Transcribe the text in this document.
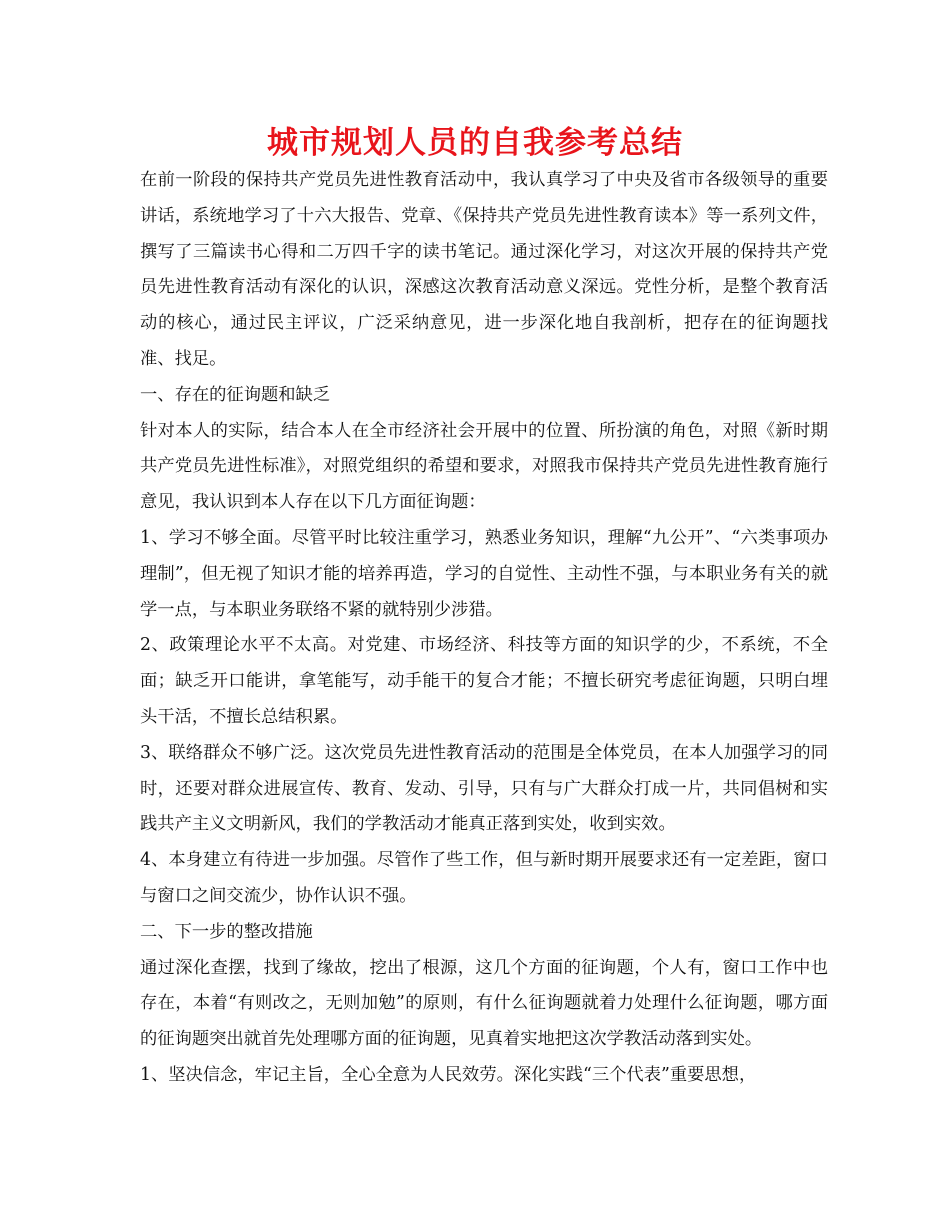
城市规划人员的自我参考总结

在前一阶段的保持共产党员先进性教育活动中，我认真学习了中央及省市各级领导的重要讲话，系统地学习了十六大报告、党章、《保持共产党员先进性教育读本》等一系列文件，撰写了三篇读书心得和二万四千字的读书笔记。通过深化学习，对这次开展的保持共产党员先进性教育活动有深化的认识，深感这次教育活动意义深远。党性分析，是整个教育活动的核心，通过民主评议，广泛采纳意见，进一步深化地自我剖析，把存在的征询题找准、找足。

一、存在的征询题和缺乏

针对本人的实际，结合本人在全市经济社会开展中的位置、所扮演的角色，对照《新时期共产党员先进性标准》，对照党组织的希望和要求，对照我市保持共产党员先进性教育施行意见，我认识到本人存在以下几方面征询题：

1、学习不够全面。尽管平时比较注重学习，熟悉业务知识，理解“九公开”、“六类事项办理制”，但无视了知识才能的培养再造，学习的自觉性、主动性不强，与本职业务有关的就学一点，与本职业务联络不紧的就特别少涉猎。

2、政策理论水平不太高。对党建、市场经济、科技等方面的知识学的少，不系统，不全面；缺乏开口能讲，拿笔能写，动手能干的复合才能；不擅长研究考虑征询题，只明白埋头干活，不擅长总结积累。

3、联络群众不够广泛。这次党员先进性教育活动的范围是全体党员，在本人加强学习的同时，还要对群众进展宣传、教育、发动、引导，只有与广大群众打成一片，共同倡树和实践共产主义文明新风，我们的学教活动才能真正落到实处，收到实效。

4、本身建立有待进一步加强。尽管作了些工作，但与新时期开展要求还有一定差距，窗口与窗口之间交流少，协作认识不强。

二、下一步的整改措施

通过深化查摆，找到了缘故，挖出了根源，这几个方面的征询题，个人有，窗口工作中也存在，本着“有则改之，无则加勉”的原则，有什么征询题就着力处理什么征询题，哪方面的征询题突出就首先处理哪方面的征询题，见真着实地把这次学教活动落到实处。

1、坚决信念，牢记主旨，全心全意为人民效劳。深化实践“三个代表”重要思想，
